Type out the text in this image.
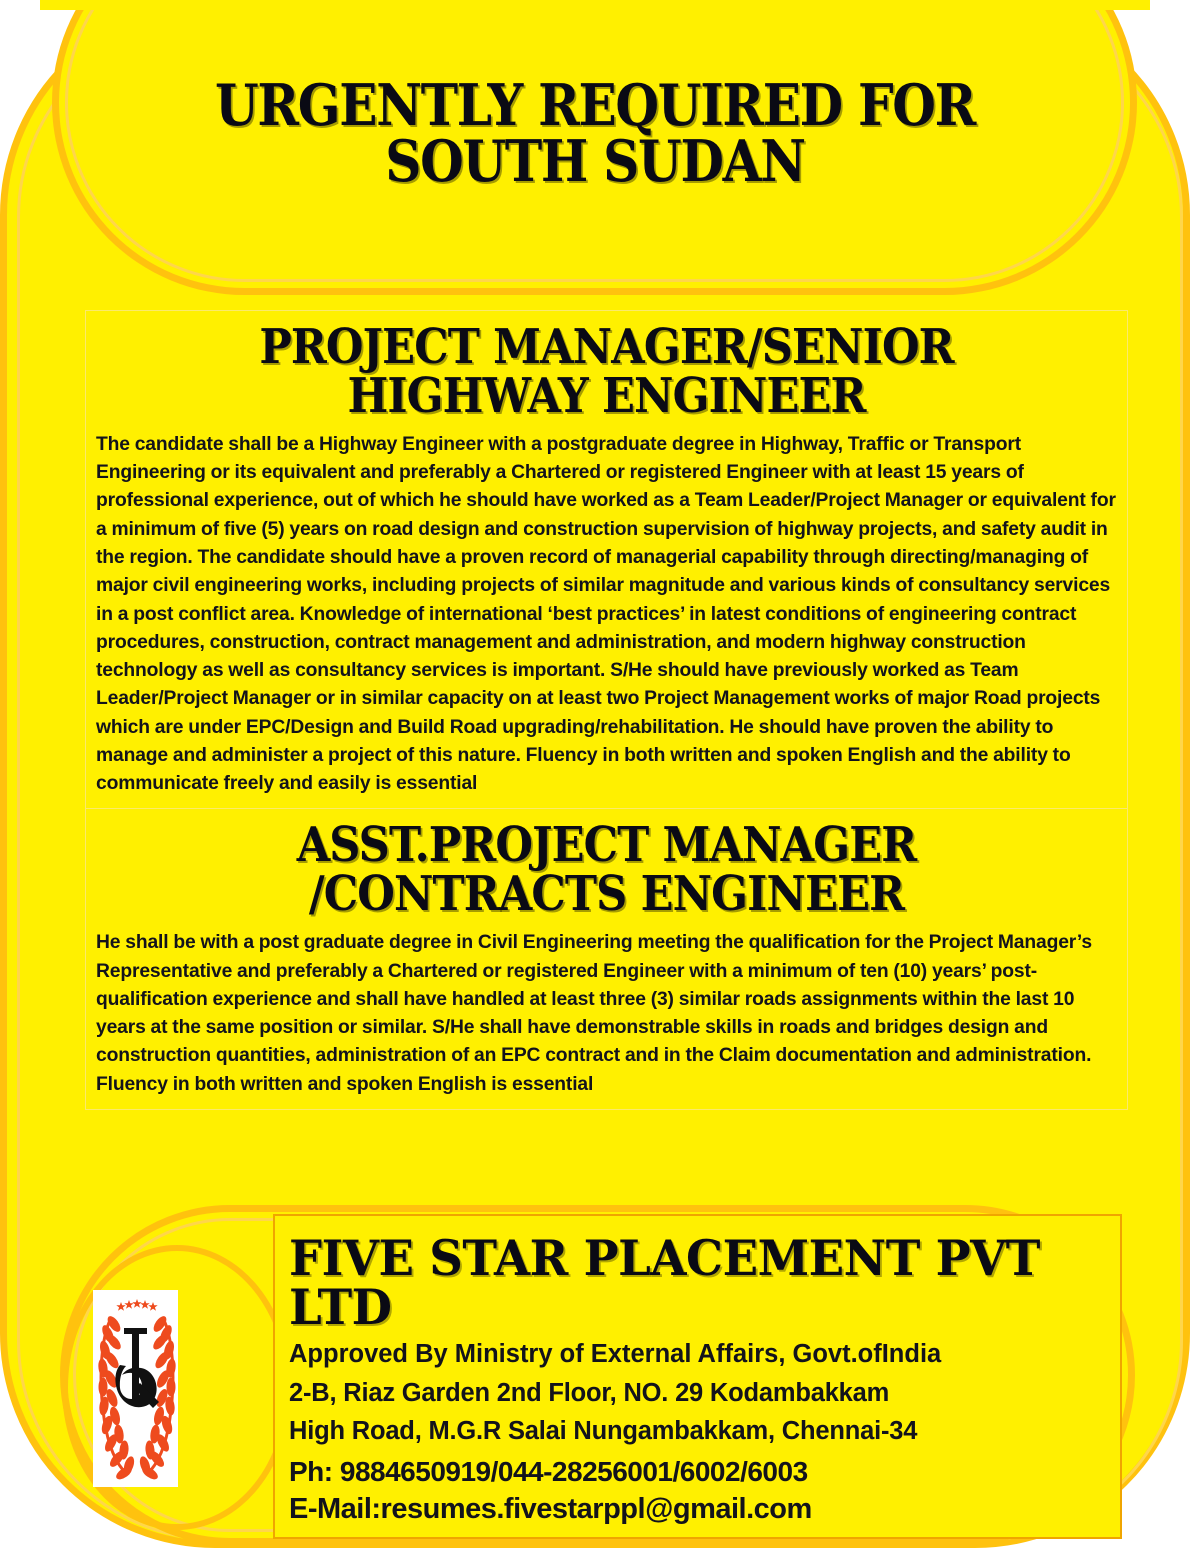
URGENTLY REQUIRED FOR SOUTH SUDAN
PROJECT MANAGER/SENIOR HIGHWAY ENGINEER
The candidate shall be a Highway Engineer with a postgraduate degree in Highway, Traffic or Transport Engineering or its equivalent and preferably a Chartered or registered Engineer with at least 15 years of professional experience, out of which he should have worked as a Team Leader/Project Manager or equivalent for a minimum of five (5) years on road design and construction supervision of highway projects, and safety audit in the region. The candidate should have a proven record of managerial capability through directing/managing of major civil engineering works, including projects of similar magnitude and various kinds of consultancy services in a post conflict area. Knowledge of international ‘best practices’ in latest conditions of engineering contract procedures, construction, contract management and administration, and modern highway construction technology as well as consultancy services is important. S/He should have previously worked as Team Leader/Project Manager or in similar capacity on at least two Project Management works of major Road projects which are under EPC/Design and Build Road upgrading/rehabilitation. He should have proven the ability to manage and administer a project of this nature. Fluency in both written and spoken English and the ability to communicate freely and easily is essential
ASST.PROJECT MANAGER /CONTRACTS ENGINEER
He shall be with a post graduate degree in Civil Engineering meeting the qualification for the Project Manager’s Representative and preferably a Chartered or registered Engineer with a minimum of ten (10) years’ post-qualification experience and shall have handled at least three (3) similar roads assignments within the last 10 years at the same position or similar. S/He shall have demonstrable skills in roads and bridges design and construction quantities, administration of an EPC contract and in the Claim documentation and administration. Fluency in both written and spoken English is essential
FIVE STAR PLACEMENT PVT LTD
Approved By Ministry of External Affairs, Govt.ofIndia
2-B, Riaz Garden 2nd Floor, NO. 29 Kodambakkam
High Road, M.G.R Salai Nungambakkam, Chennai-34
Ph: 9884650919/044-28256001/6002/6003
E-Mail:resumes.fivestarppl@gmail.com
